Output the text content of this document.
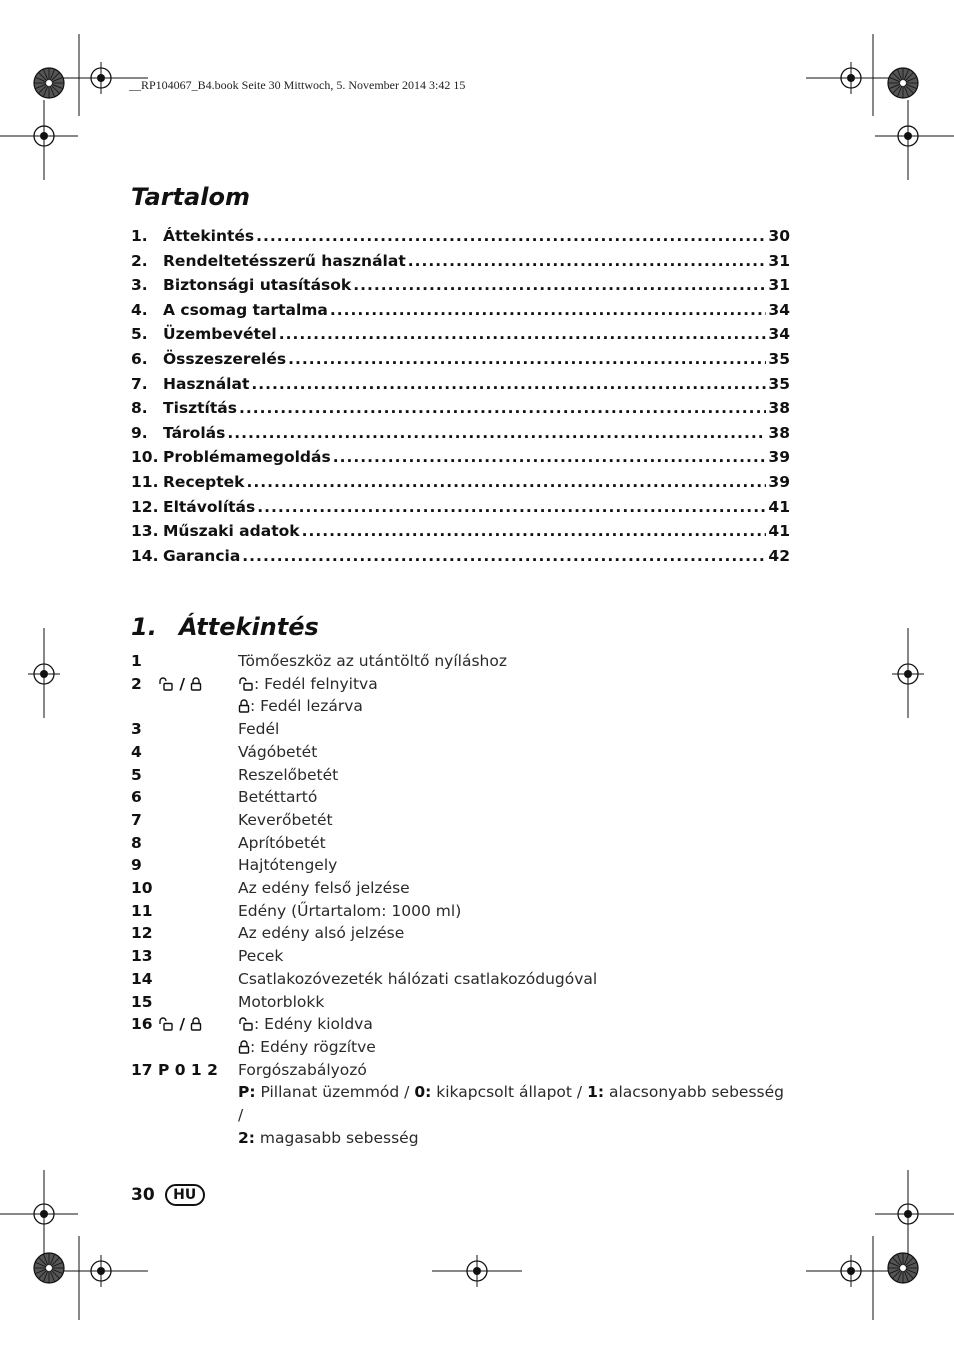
__RP104067_B4.book Seite 30 Mittwoch, 5. November 2014 3:42 15
Tartalom
1. Áttekintés .....	30
2. Rendeltetésszerű használat .....	31
3. Biztonsági utasítások .....	31
4. A csomag tartalma .....	34
5. Üzembevétel .....	34
6. Összeszerelés .....	35
7. Használat .....	35
8. Tisztítás .....	38
9. Tárolás .....	38
10. Problémamegoldás .....	39
11. Receptek .....	39
12. Eltávolítás .....	41
13. Műszaki adatok .....	41
14. Garancia .....	42
1. Áttekintés
1	Tömőeszköz az utántöltő nyíláshoz
2 /	: Fedél felnyitva
: Fedél lezárva
3	Fedél
4	Vágóbetét
5	Reszelőbetét
6	Betéttartó
7	Keverőbetét
8	Aprítóbetét
9	Hajtótengely
10	Az edény felső jelzése
11	Edény (Űrtartalom: 1000 ml)
12	Az edény alsó jelzése
13	Pecek
14	Csatlakozóvezeték hálózati csatlakozódugóval
15	Motorblokk
16 /	: Edény kioldva
: Edény rögzítve
17 P 0 1 2	Forgószabályozó
P: Pillanat üzemmód / 0: kikapcsolt állapot / 1: alacsonyabb sebesség /
2: magasabb sebesség
30	HU
